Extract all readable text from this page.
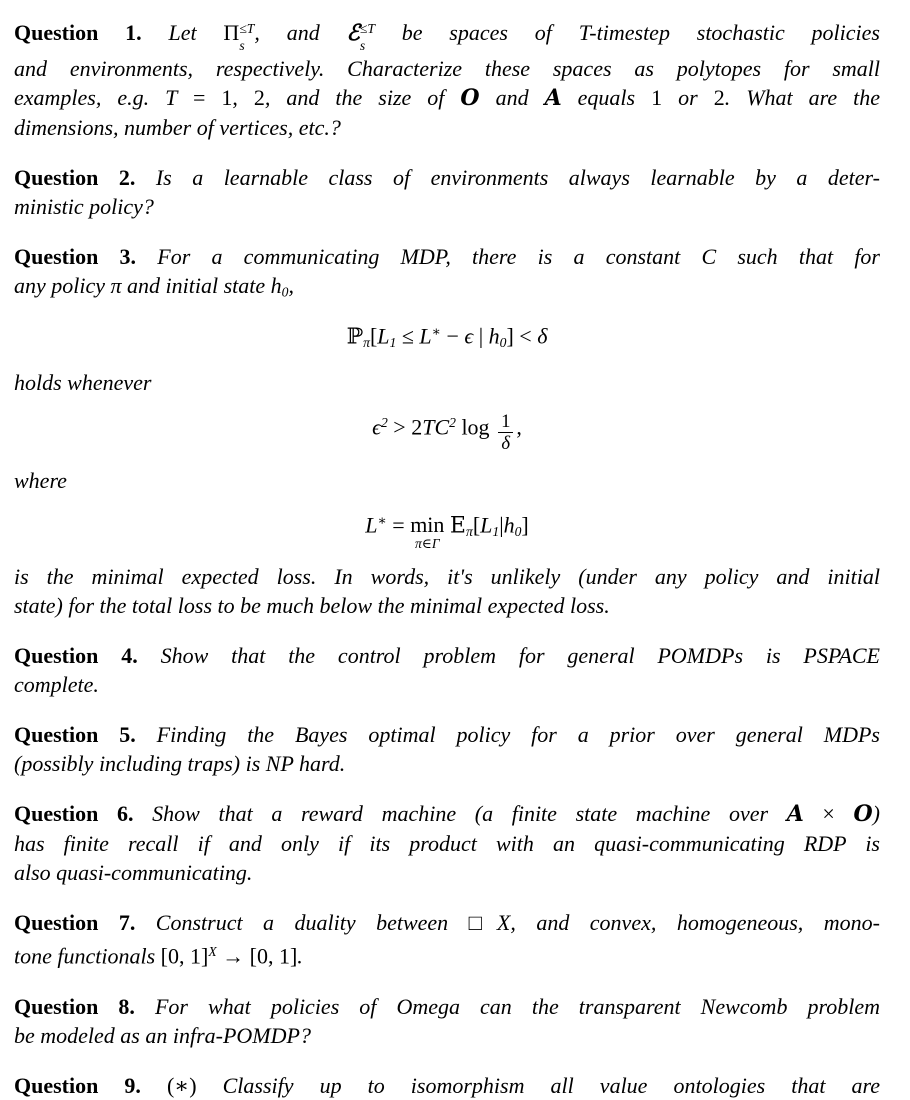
Question 1. Let Π ≤T
s
, and ℰ ≤T
s
be spaces of T-timestep stochastic policies
and environments, respectively. Characterize these spaces as polytopes for small
examples, e.g. T = 1, 2, and the size of O and A equals 1 or 2. What are the
dimensions, number of vertices, etc.?
Question 2. Is a learnable class of environments always learnable by a deter-
ministic policy?
Question 3. For a communicating MDP, there is a constant C such that for
any policy π and initial state h0,
ℙπ[L1 ≤ L∗ − ϵ | h0] < δ
holds whenever
$\epsilon^2 > 2TC^2$ $\log \frac{1}{\delta}$ ,
where
L∗ = min
π∈Γ
Eπ[L1|h0]
is the minimal expected loss. In words, it's unlikely (under any policy and initial
state) for the total loss to be much below the minimal expected loss.
Question 4. Show that the control problem for general POMDPs is PSPACE
complete.
Question 5. Finding the Bayes optimal policy for a prior over general MDPs
(possibly including traps) is NP hard.
Question 6. Show that a reward machine (a finite state machine over A × O)
has finite recall if and only if its product with an quasi-communicating RDP is
also quasi-communicating.
Question 7. Construct a duality between □X, and convex, homogeneous, mono-
tone functionals [0, 1]$^X$ → [0, 1].
Question 8. For what policies of Omega can the transparent Newcomb problem
be modeled as an infra-POMDP?
Question 9. (∗) Classify up to isomorphism all value ontologies that are
